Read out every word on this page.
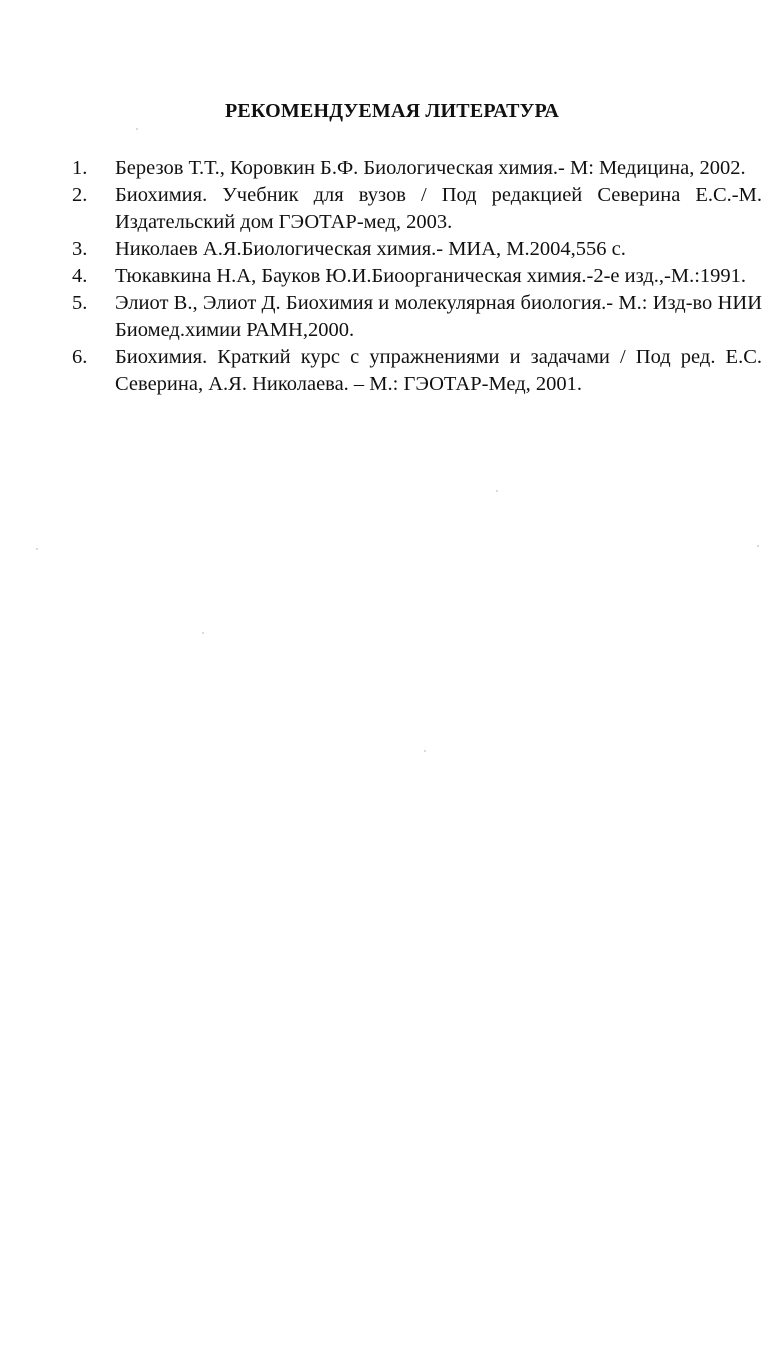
РЕКОМЕНДУЕМАЯ ЛИТЕРАТУРА
1.	Березов Т.Т., Коровкин Б.Ф. Биологическая химия.- М: Медицина, 2002.
2.	Биохимия. Учебник для вузов / Под редакцией Северина Е.С.-М. Издательский дом ГЭОТАР-мед, 2003.
3.	Николаев А.Я.Биологическая химия.- МИА, М.2004,556 с.
4.	Тюкавкина Н.А, Бауков Ю.И.Биоорганическая химия.-2-е изд.,-М.:1991.
5.	Элиот В., Элиот Д. Биохимия и молекулярная биология.- М.: Изд-во НИИ Биомед.химии РАМН,2000.
6.	Биохимия. Краткий курс с упражнениями и задачами / Под ред. Е.С. Северина, А.Я. Николаева. – М.: ГЭОТАР-Мед, 2001.
